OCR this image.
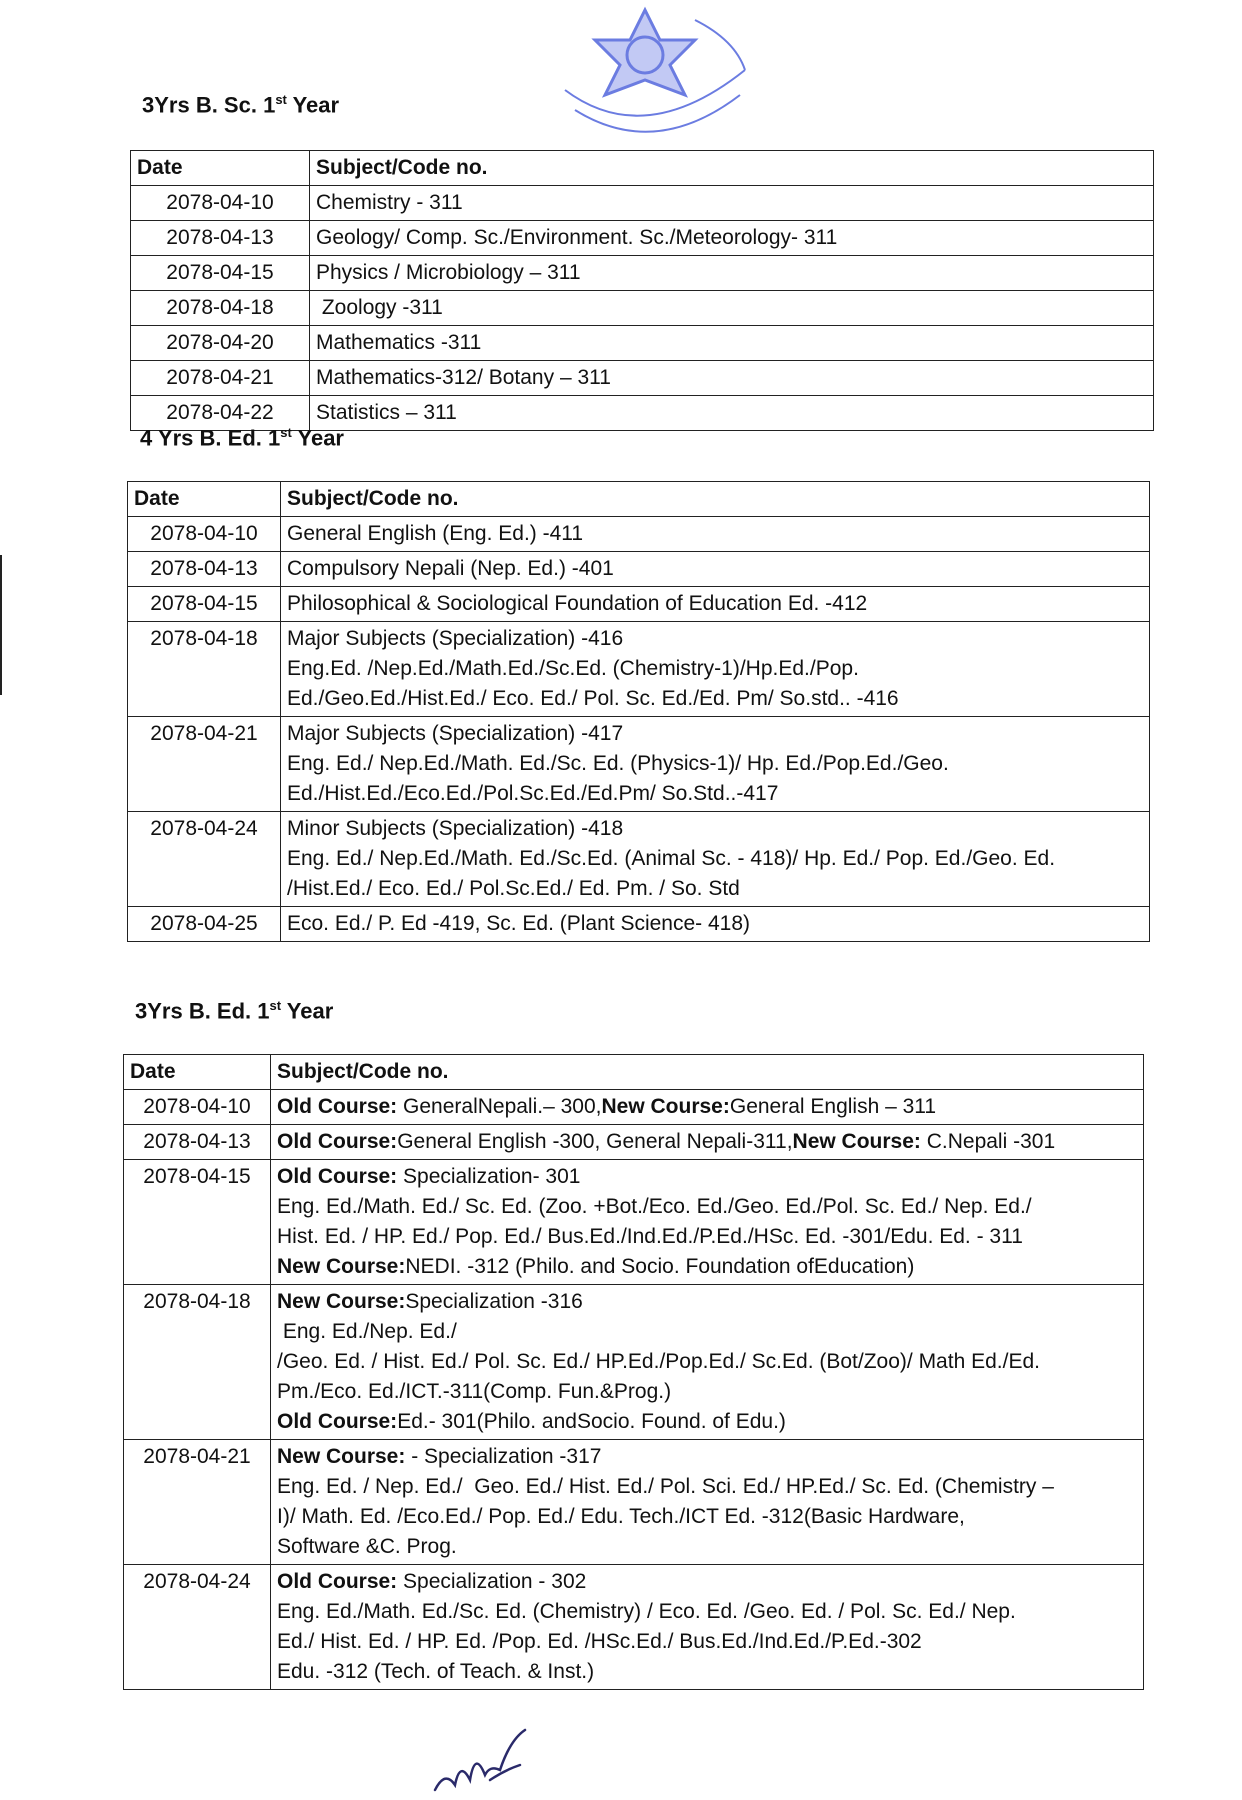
3Yrs B. Sc. 1st Year
Date	Subject/Code no.
2078-04-10	Chemistry - 311

2078-04-13	Geology/ Comp. Sc./Environment. Sc./Meteorology- 311

2078-04-15	Physics / Microbiology – 311

2078-04-18	Zoology -311

2078-04-20	Mathematics -311

2078-04-21	Mathematics-312/ Botany – 311

2078-04-22	Statistics – 311
4 Yrs B. Ed. 1st Year
Date	Subject/Code no.
2078-04-10	General English (Eng. Ed.) -411

2078-04-13	Compulsory Nepali (Nep. Ed.) -401

2078-04-15	Philosophical & Sociological Foundation of Education Ed. -412

2078-04-18	Major Subjects (Specialization) -416
Eng.Ed. /Nep.Ed./Math.Ed./Sc.Ed. (Chemistry-1)/Hp.Ed./Pop.
Ed./Geo.Ed./Hist.Ed./ Eco. Ed./ Pol. Sc. Ed./Ed. Pm/ So.std.. -416

2078-04-21	Major Subjects (Specialization) -417
Eng. Ed./ Nep.Ed./Math. Ed./Sc. Ed. (Physics-1)/ Hp. Ed./Pop.Ed./Geo.
Ed./Hist.Ed./Eco.Ed./Pol.Sc.Ed./Ed.Pm/ So.Std..-417

2078-04-24	Minor Subjects (Specialization) -418
Eng. Ed./ Nep.Ed./Math. Ed./Sc.Ed. (Animal Sc. - 418)/ Hp. Ed./ Pop. Ed./Geo. Ed.
/Hist.Ed./ Eco. Ed./ Pol.Sc.Ed./ Ed. Pm. / So. Std

2078-04-25	Eco. Ed./ P. Ed -419, Sc. Ed. (Plant Science- 418)
3Yrs B. Ed. 1st Year
Date	Subject/Code no.
2078-04-10	Old Course: GeneralNepali.– 300,New Course:General English – 311

2078-04-13	Old Course:General English -300, General Nepali-311,New Course: C.Nepali -301

2078-04-15	Old Course: Specialization- 301
Eng. Ed./Math. Ed./ Sc. Ed. (Zoo. +Bot./Eco. Ed./Geo. Ed./Pol. Sc. Ed./ Nep. Ed./
Hist. Ed. / HP. Ed./ Pop. Ed./ Bus.Ed./Ind.Ed./P.Ed./HSc. Ed. -301/Edu. Ed. - 311
New Course:NEDI. -312 (Philo. and Socio. Foundation ofEducation)

2078-04-18	New Course:Specialization -316
Eng. Ed./Nep. Ed./
/Geo. Ed. / Hist. Ed./ Pol. Sc. Ed./ HP.Ed./Pop.Ed./ Sc.Ed. (Bot/Zoo)/ Math Ed./Ed.
Pm./Eco. Ed./ICT.-311(Comp. Fun.&Prog.)
Old Course:Ed.- 301(Philo. andSocio. Found. of Edu.)

2078-04-21	New Course: - Specialization -317
Eng. Ed. / Nep. Ed./  Geo. Ed./ Hist. Ed./ Pol. Sci. Ed./ HP.Ed./ Sc. Ed. (Chemistry –
I)/ Math. Ed. /Eco.Ed./ Pop. Ed./ Edu. Tech./ICT Ed. -312(Basic Hardware,
Software &C. Prog.

2078-04-24	Old Course: Specialization - 302
Eng. Ed./Math. Ed./Sc. Ed. (Chemistry) / Eco. Ed. /Geo. Ed. / Pol. Sc. Ed./ Nep.
Ed./ Hist. Ed. / HP. Ed. /Pop. Ed. /HSc.Ed./ Bus.Ed./Ind.Ed./P.Ed.-302
Edu. -312 (Tech. of Teach. & Inst.)
